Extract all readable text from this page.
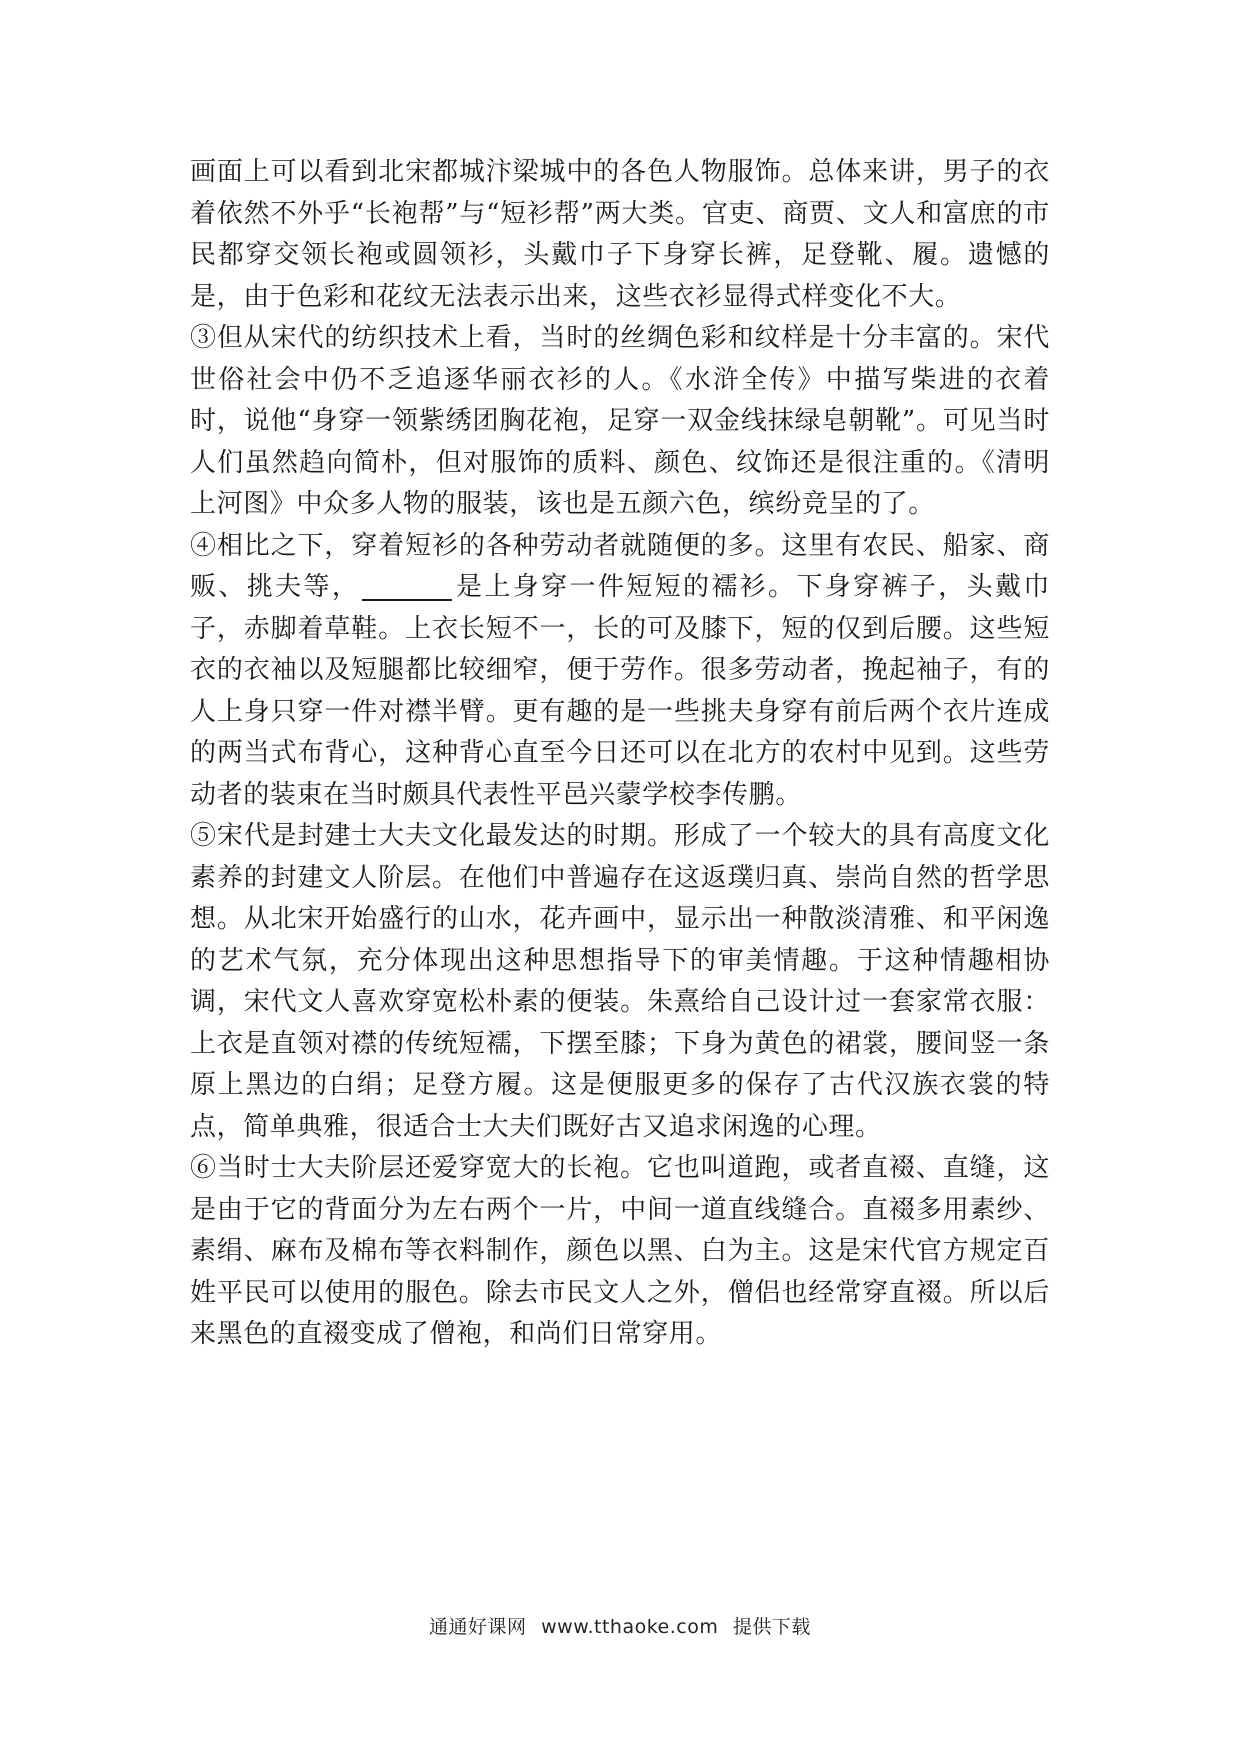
画面上可以看到北宋都城汴梁城中的各色人物服饰。总体来讲，男子的衣着依然不外乎“长袍帮”与“短衫帮”两大类。官吏、商贾、文人和富庶的市民都穿交领长袍或圆领衫，头戴巾子下身穿长裤，足登靴、履。遗憾的是，由于色彩和花纹无法表示出来，这些衣衫显得式样变化不大。

③但从宋代的纺织技术上看，当时的丝绸色彩和纹样是十分丰富的。宋代世俗社会中仍不乏追逐华丽衣衫的人。《水浒全传》中描写柴进的衣着时，说他“身穿一领紫绣团胸花袍，足穿一双金线抹绿皂朝靴”。可见当时人们虽然趋向简朴，但对服饰的质料、颜色、纹饰还是很注重的。《清明上河图》中众多人物的服装，该也是五颜六色，缤纷竞呈的了。

④相比之下，穿着短衫的各种劳动者就随便的多。这里有农民、船家、商贩、挑夫等，	是上身穿一件短短的襦衫。下身穿裤子，头戴巾子，赤脚着草鞋。上衣长短不一，长的可及膝下，短的仅到后腰。这些短衣的衣袖以及短腿都比较细窄，便于劳作。很多劳动者，挽起袖子，有的人上身只穿一件对襟半臂。更有趣的是一些挑夫身穿有前后两个衣片连成的两当式布背心，这种背心直至今日还可以在北方的农村中见到。这些劳动者的装束在当时颇具代表性平邑兴蒙学校李传鹏。

⑤宋代是封建士大夫文化最发达的时期。形成了一个较大的具有高度文化素养的封建文人阶层。在他们中普遍存在这返璞归真、崇尚自然的哲学思想。从北宋开始盛行的山水，花卉画中，显示出一种散淡清雅、和平闲逸的艺术气氛，充分体现出这种思想指导下的审美情趣。于这种情趣相协调，宋代文人喜欢穿宽松朴素的便装。朱熹给自己设计过一套家常衣服：上衣是直领对襟的传统短襦，下摆至膝；下身为黄色的裙裳，腰间竖一条原上黑边的白绢；足登方履。这是便服更多的保存了古代汉族衣裳的特点，简单典雅，很适合士大夫们既好古又追求闲逸的心理。

⑥当时士大夫阶层还爱穿宽大的长袍。它也叫道跑，或者直裰、直缝，这是由于它的背面分为左右两个一片，中间一道直线缝合。直裰多用素纱、素绢、麻布及棉布等衣料制作，颜色以黑、白为主。这是宋代官方规定百姓平民可以使用的服色。除去市民文人之外，僧侣也经常穿直裰。所以后来黑色的直裰变成了僧袍，和尚们日常穿用。

通通好课网 www.tthaoke.com 提供下载
